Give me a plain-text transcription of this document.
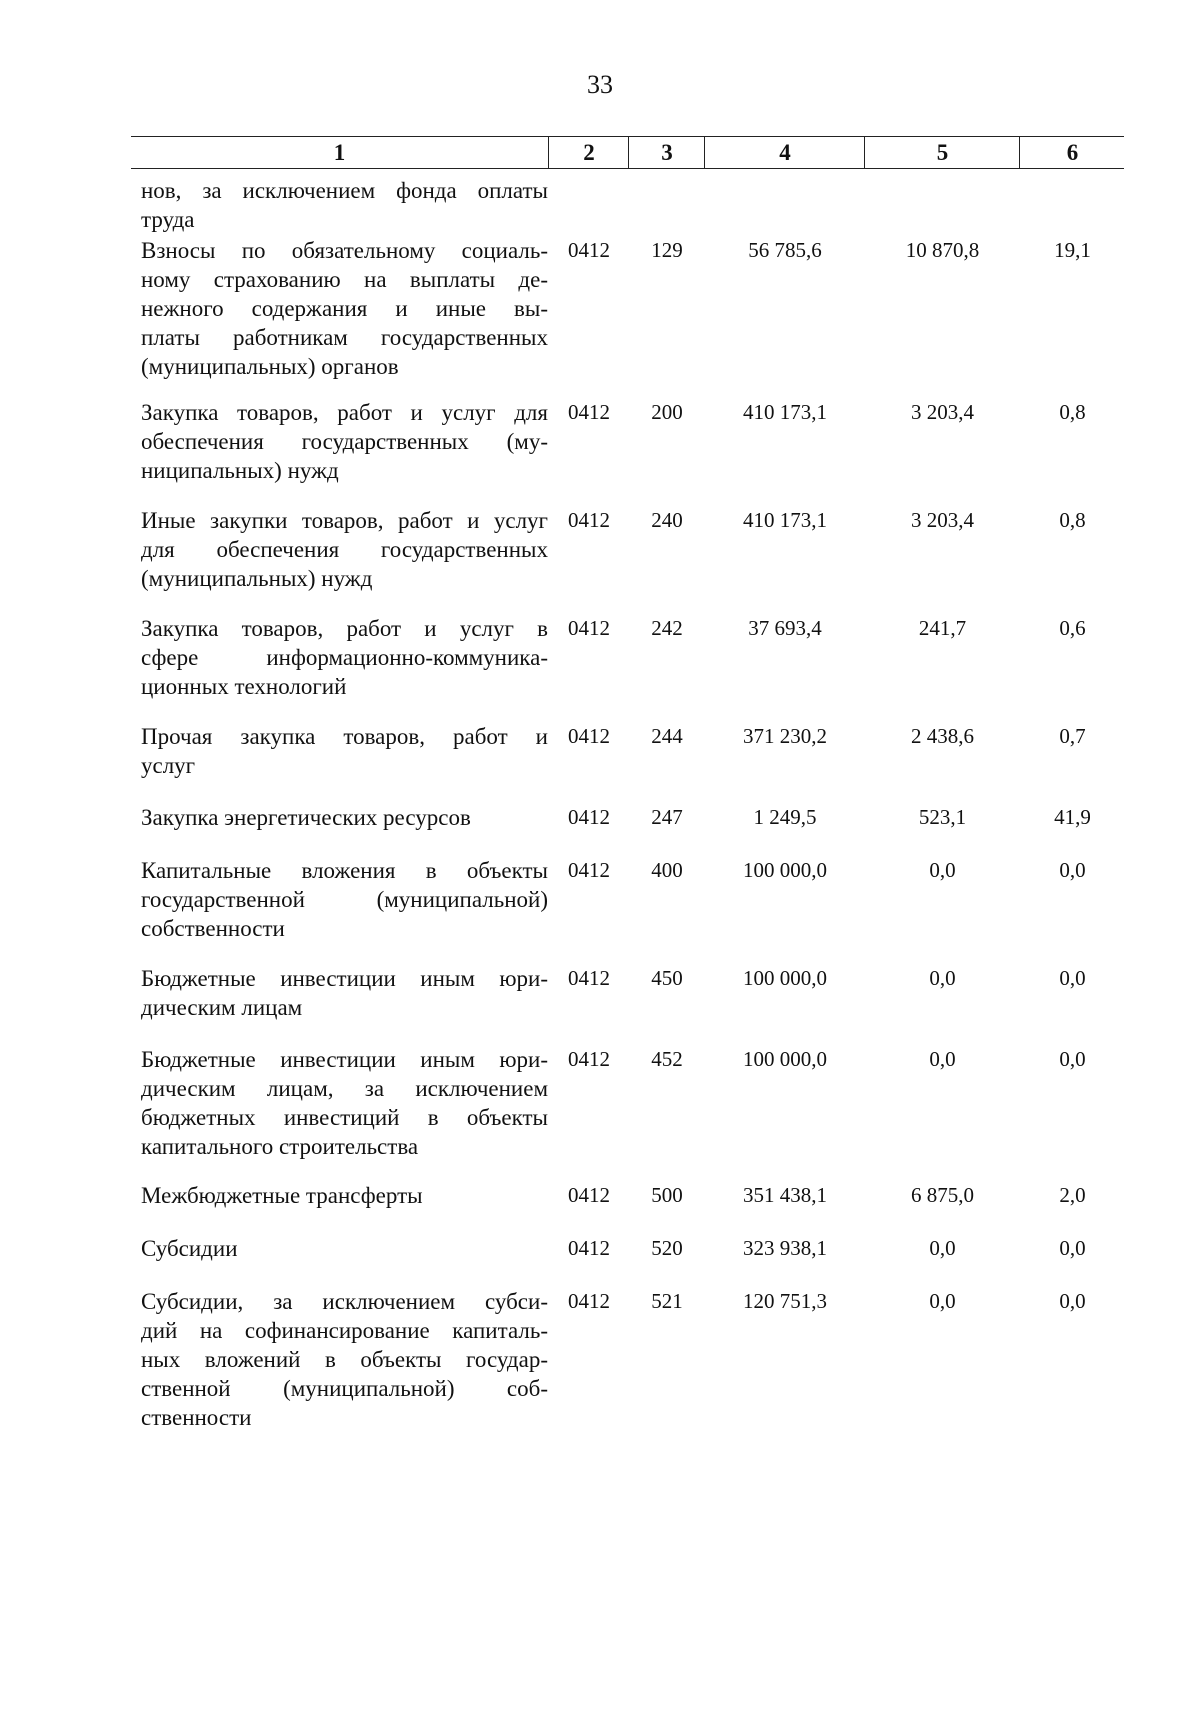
33
1	2	3	4	5	6
нов, за исключением фонда оплаты
труда
Взносы по обязательному социаль-
ному страхованию на выплаты де-
нежного содержания и иные вы-
платы работникам государственных
(муниципальных) органов
0412	129	56 785,6	10 870,8	19,1
Закупка товаров, работ и услуг для
обеспечения государственных (му-
ниципальных) нужд
0412	200	410 173,1	3 203,4	0,8
Иные закупки товаров, работ и услуг
для обеспечения государственных
(муниципальных) нужд
0412	240	410 173,1	3 203,4	0,8
Закупка товаров, работ и услуг в
сфере информационно-коммуника-
ционных технологий
0412	242	37 693,4	241,7	0,6
Прочая закупка товаров, работ и
услуг
0412	244	371 230,2	2 438,6	0,7
Закупка энергетических ресурсов	0412	247	1 249,5	523,1	41,9
Капитальные вложения в объекты
государственной (муниципальной)
собственности
0412	400	100 000,0	0,0	0,0
Бюджетные инвестиции иным юри-
дическим лицам
0412	450	100 000,0	0,0	0,0
Бюджетные инвестиции иным юри-
дическим лицам, за исключением
бюджетных инвестиций в объекты
капитального строительства
0412	452	100 000,0	0,0	0,0
Межбюджетные трансферты	0412	500	351 438,1	6 875,0	2,0
Субсидии	0412	520	323 938,1	0,0	0,0
Субсидии, за исключением субси-
дий на софинансирование капиталь-
ных вложений в объекты государ-
ственной (муниципальной) соб-
ственности
0412	521	120 751,3	0,0	0,0
